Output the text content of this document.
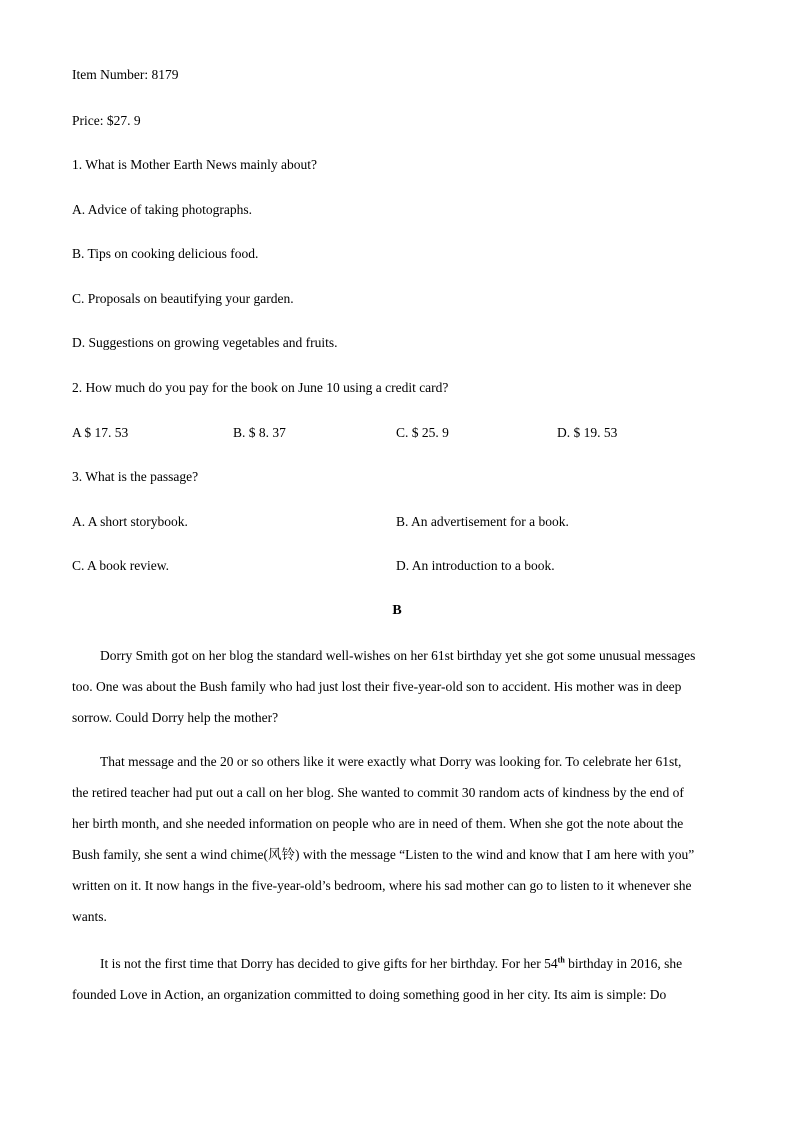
Item Number: 8179
Price: $27. 9
1. What is Mother Earth News mainly about?
A. Advice of taking photographs.
B. Tips on cooking delicious food.
C. Proposals on beautifying your garden.
D. Suggestions on growing vegetables and fruits.
2. How much do you pay for the book on June 10 using a credit card?
A $ 17. 53	B. $ 8. 37	C. $ 25. 9	D. $ 19. 53
3. What is the passage?
A. A short storybook.	B. An advertisement for a book.
C. A book review.	D. An introduction to a book.
B
Dorry Smith got on her blog the standard well-wishes on her 61st birthday yet she got some unusual messages
too. One was about the Bush family who had just lost their five-year-old son to accident. His mother was in deep
sorrow. Could Dorry help the mother?
That message and the 20 or so others like it were exactly what Dorry was looking for. To celebrate her 61st,
the retired teacher had put out a call on her blog. She wanted to commit 30 random acts of kindness by the end of
her birth month, and she needed information on people who are in need of them. When she got the note about the
Bush family, she sent a wind chime(风铃) with the message “Listen to the wind and know that I am here with you”
written on it. It now hangs in the five-year-old’s bedroom, where his sad mother can go to listen to it whenever she
wants.
It is not the first time that Dorry has decided to give gifts for her birthday. For her 54th birthday in 2016, she
founded Love in Action, an organization committed to doing something good in her city. Its aim is simple: Do
